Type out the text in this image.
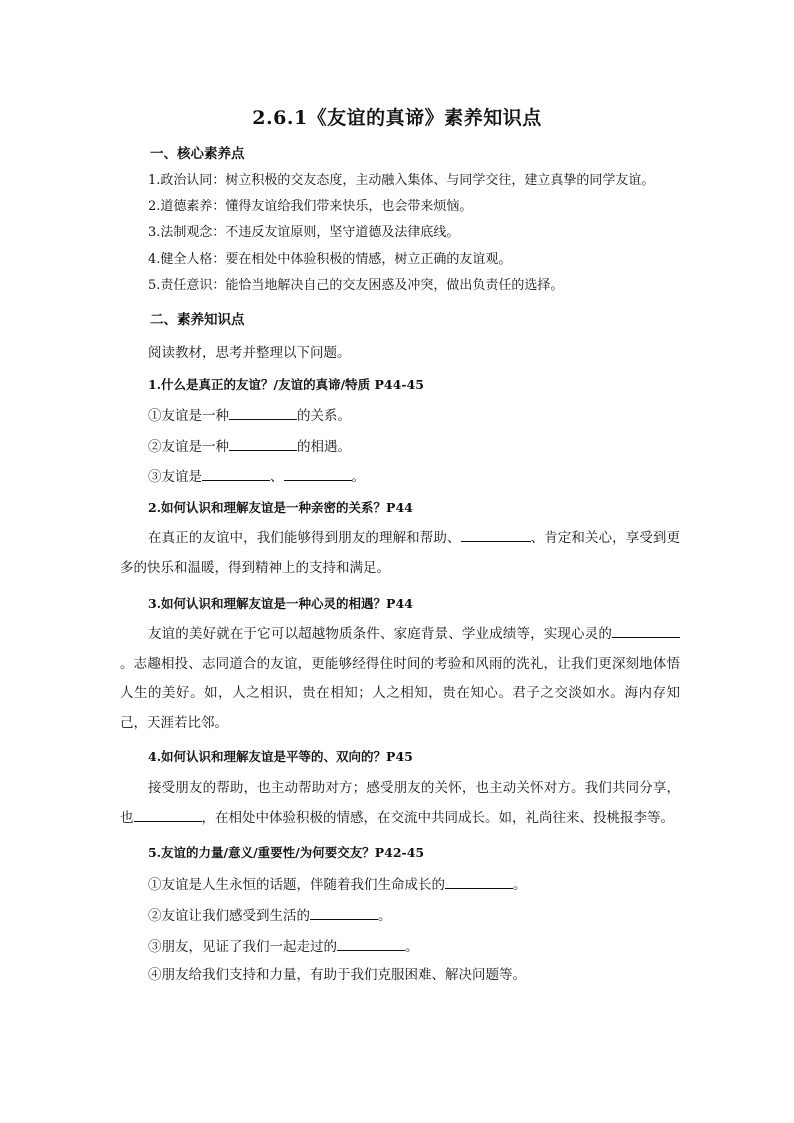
2.6.1《友谊的真谛》素养知识点
一、核心素养点
1.政治认同：树立积极的交友态度，主动融入集体、与同学交往，建立真挚的同学友谊。
2.道德素养：懂得友谊给我们带来快乐，也会带来烦恼。
3.法制观念：不违反友谊原则，坚守道德及法律底线。
4.健全人格：要在相处中体验积极的情感，树立正确的友谊观。
5.责任意识：能恰当地解决自己的交友困惑及冲突，做出负责任的选择。
二、素养知识点
阅读教材，思考并整理以下问题。
1.什么是真正的友谊？/友谊的真谛/特质 P44-45
①友谊是一种	的关系。
②友谊是一种	的相遇。
③友谊是	、	。
2.如何认识和理解友谊是一种亲密的关系？P44
在真正的友谊中，我们能够得到朋友的理解和帮助、	、肯定和关心，享受到更多的快乐和温暖，得到精神上的支持和满足。
3.如何认识和理解友谊是一种心灵的相遇？P44
友谊的美好就在于它可以超越物质条件、家庭背景、学业成绩等，实现心灵的。志趣相投、志同道合的友谊，更能够经得住时间的考验和风雨的洗礼，让我们更深刻地体悟人生的美好。如，人之相识，贵在相知；人之相知，贵在知心。君子之交淡如水。海内存知己，天涯若比邻。
4.如何认识和理解友谊是平等的、双向的？P45
接受朋友的帮助，也主动帮助对方；感受朋友的关怀，也主动关怀对方。我们共同分享，也	，在相处中体验积极的情感，在交流中共同成长。如，礼尚往来、投桃报李等。
5.友谊的力量/意义/重要性/为何要交友？P42-45
①友谊是人生永恒的话题，伴随着我们生命成长的	。
②友谊让我们感受到生活的	。
③朋友，见证了我们一起走过的	。
④朋友给我们支持和力量，有助于我们克服困难、解决问题等。
